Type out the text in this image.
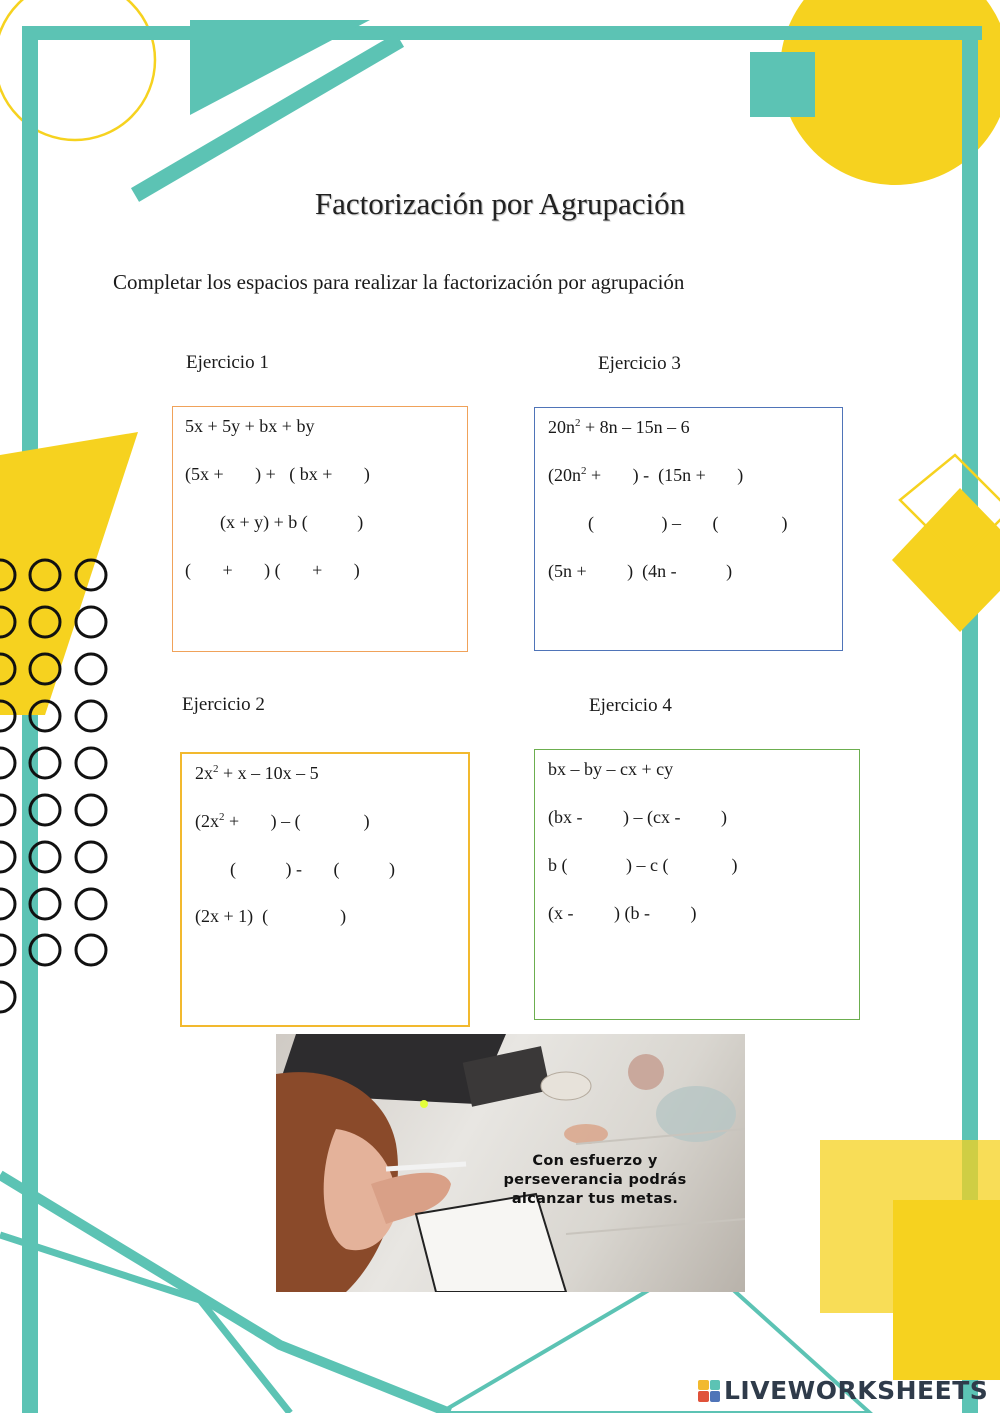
Factorización por Agrupación
Completar los espacios para realizar la factorización por agrupación
Ejercicio 1
5x + 5y + bx + by
(5x +       ) +   ( bx +       )
(x + y) + b (           )
(       +       ) (       +       )
Ejercicio 3
$20n^2 + 8n - 15n - 6$
($20n^2$ +       ) -  (15n +       )
(               ) –       (              )
(5n +         )  (4n -           )
Ejercicio 2
$2x^2 + x - 10x - 5$
($2x^2$ +       ) – (              )
(           ) -       (           )
(2x + 1)  (                )
Ejercicio 4
bx – by – cx + cy
(bx -         ) – (cx -         )
b (             ) – c (              )
(x -         ) (b -         )
Con esfuerzo y
perseverancia podrás
alcanzar tus metas.
LIVEWORKSHEETS
